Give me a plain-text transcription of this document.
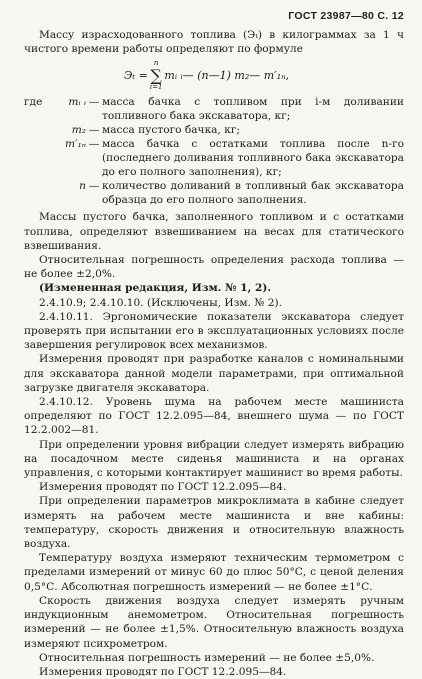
ГОСТ 23987—80 С. 12

Массу израсходованного топлива (Эₜ) в килограммах за 1 ч чистого времени работы определяют по формуле

Эₜ =
n
∑
i=1
mᵢ ᵢ — (n—1) m₂— m′₁ₙ,
где	mᵢ ᵢ — масса бачка с топливом при i-м доливании топливного бака экскаватора, кг;
m₂ — масса пустого бачка, кг;
m′₁ₙ — масса бачка с остатками топлива после n-го (последнего доливания топливного бака экскаватора до его полного заполнения), кг;
n — количество доливаний в топливный бак экскаватора образца до его полного заполнения.

Массы пустого бачка, заполненного топливом и с остатками топлива, определяют взвешиванием на весах для статического взвешивания.

Относительная погрешность определения расхода топлива — не более ±2,0%.

(Измененная редакция, Изм. № 1, 2).

2.4.10.9; 2.4.10.10. (Исключены, Изм. № 2).

2.4.10.11. Эргономические показатели экскаватора следует проверять при испытании его в эксплуатационных условиях после завершения регулировок всех механизмов.

Измерения проводят при разработке каналов с номинальными для экскаватора данной модели параметрами, при оптимальной загрузке двигателя экскаватора.

2.4.10.12. Уровень шума на рабочем месте машиниста определяют по ГОСТ 12.2.095—84, внешнего шума — по ГОСТ 12.2.002—81.

При определении уровня вибрации следует измерять вибрацию на посадочном месте сиденья машиниста и на органах управления, с которыми контактирует машинист во время работы.

Измерения проводят по ГОСТ 12.2.095—84.

При определении параметров микроклимата в кабине следует измерять на рабочем месте машиниста и вне кабины: температуру, скорость движения и относительную влажность воздуха.

Температуру воздуха измеряют техническим термометром с пределами измерений от минус 60 до плюс 50°С, с ценой деления 0,5°С. Абсолютная погрешность измерений — не более ±1°С.

Скорость движения воздуха следует измерять ручным индукционным анемометром. Относительная погрешность измерений — не более ±1,5%. Относительную влажность воздуха измеряют психрометром.

Относительная погрешность измерений — не более ±5,0%.

Измерения проводят по ГОСТ 12.2.095—84.
